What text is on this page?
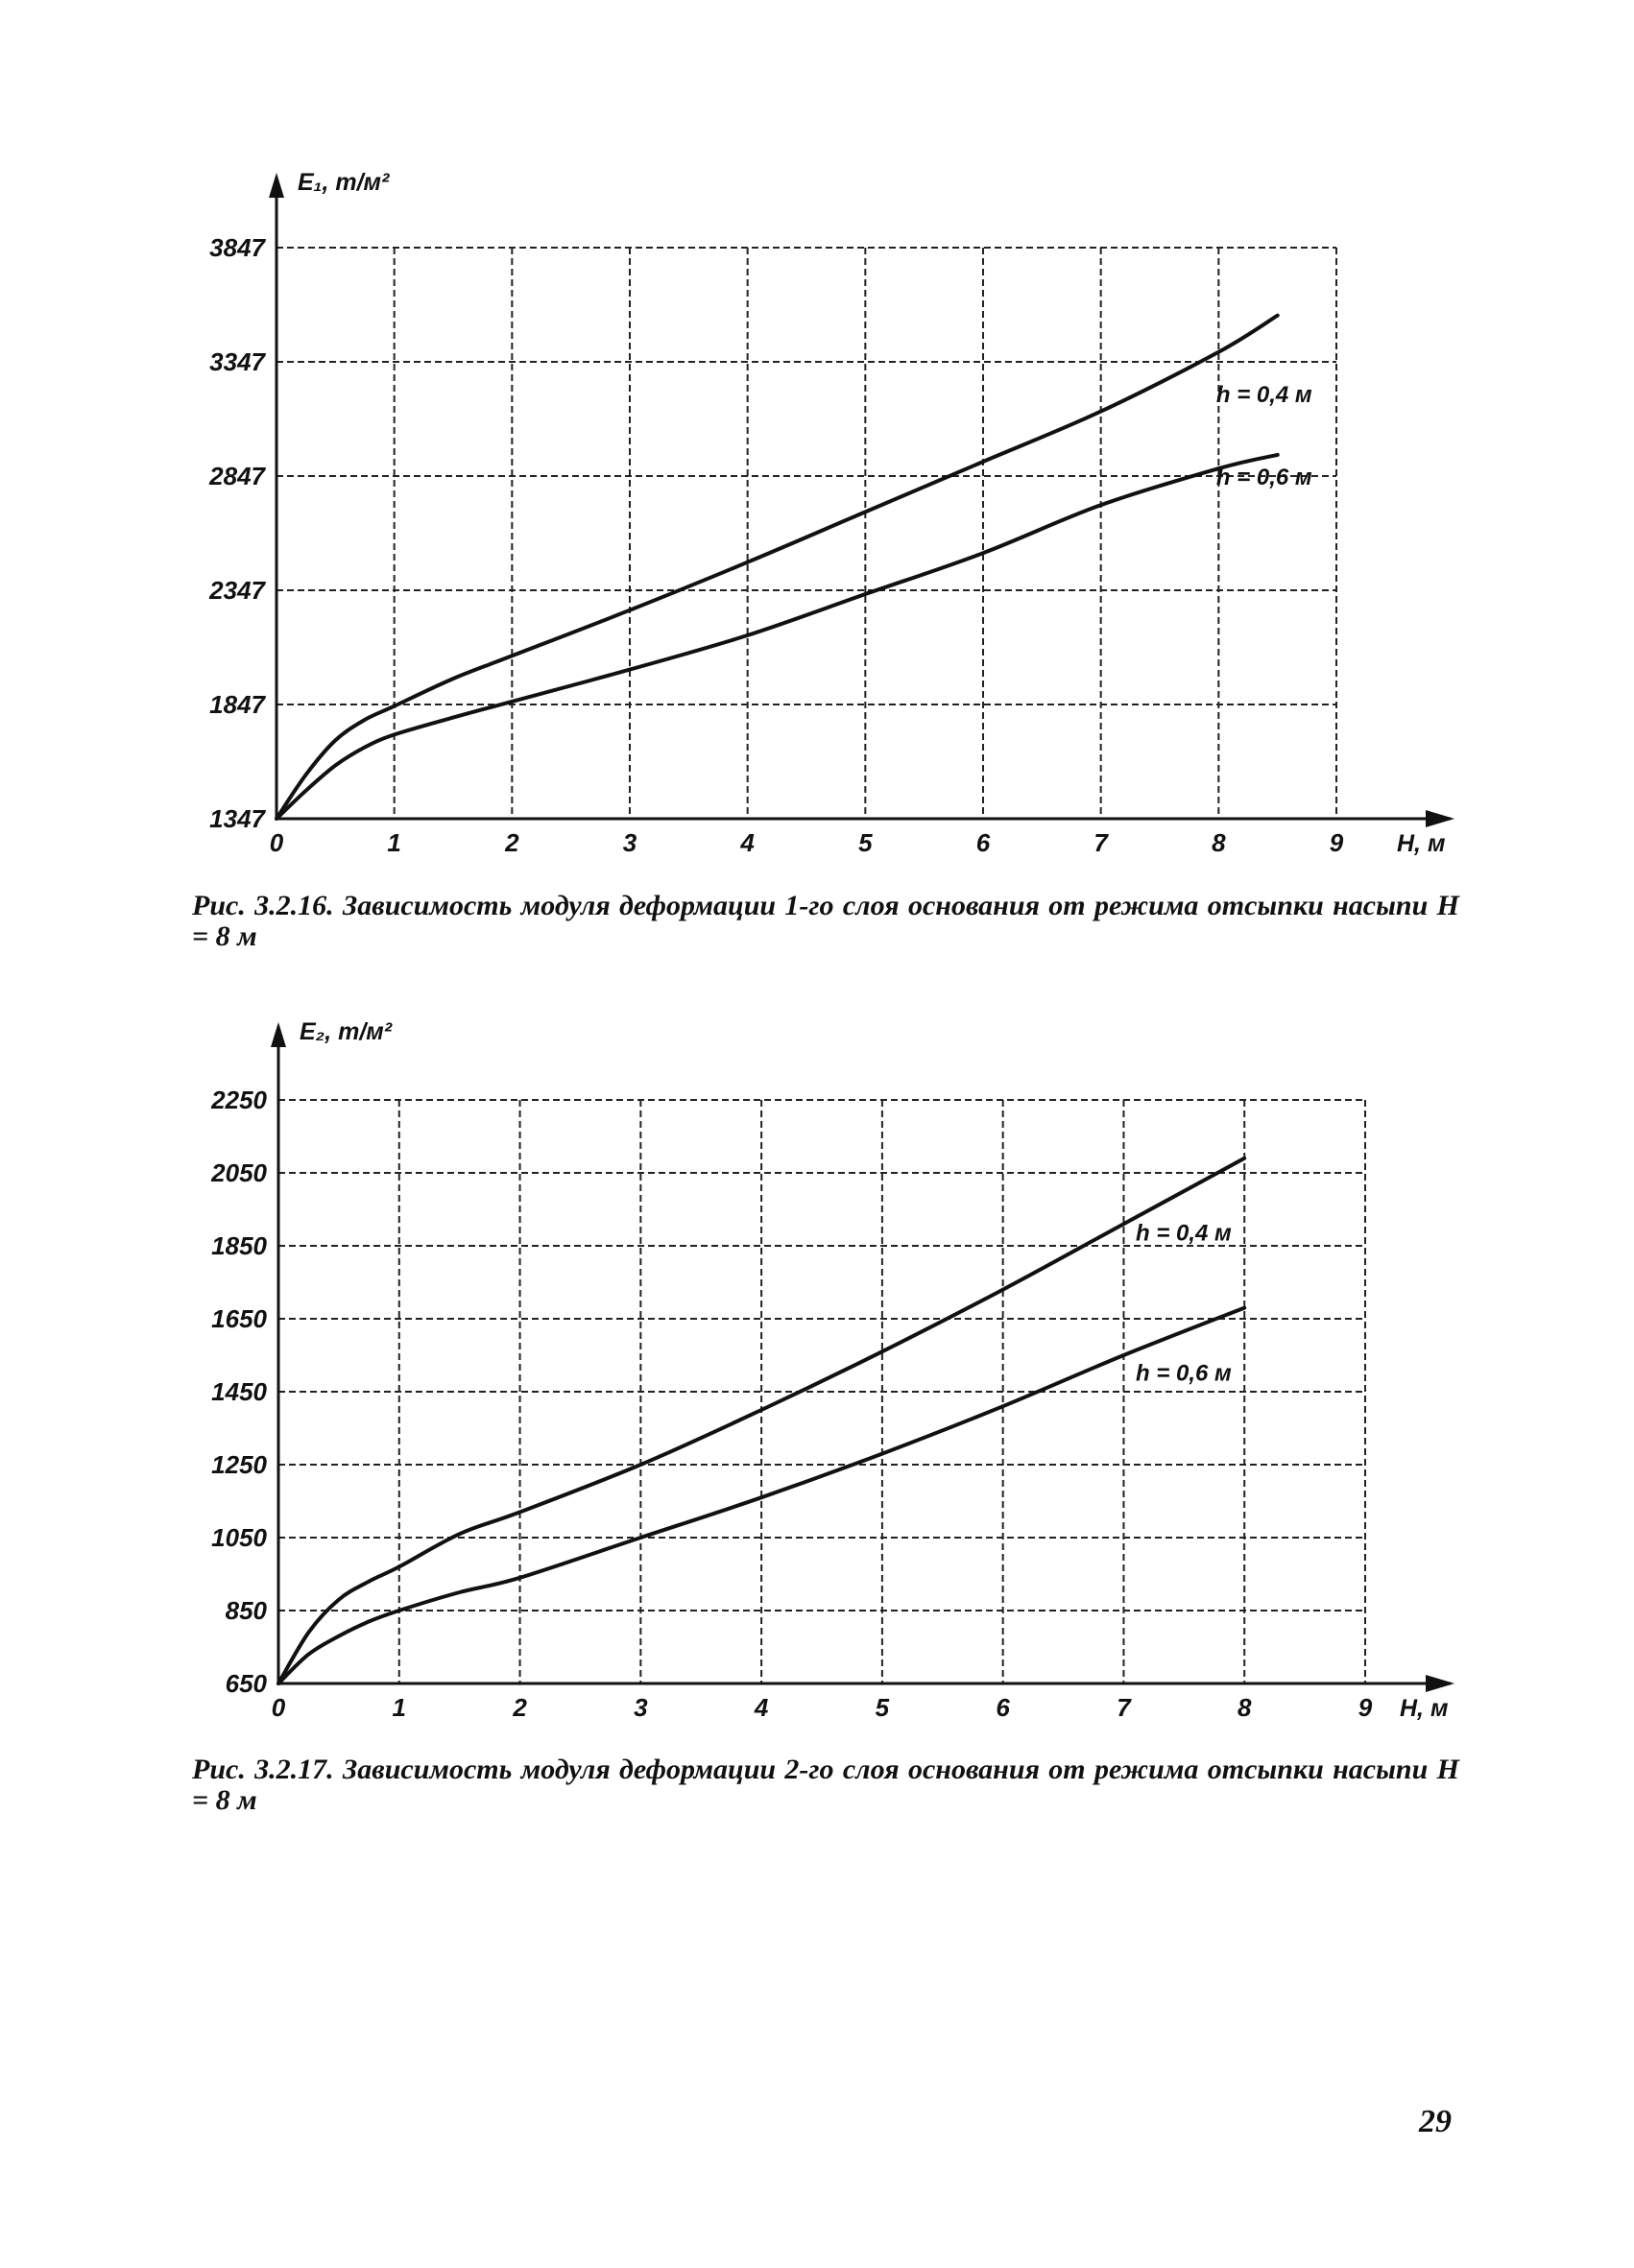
1347
1847
2347
2847
3347
3847
0	1	2	3	4	5	6	7	8	9
E₁, т/м²
H, м
h = 0,4 м
h = 0,6 м
Рис. 3.2.16. Зависимость модуля деформации 1-го слоя основания от режима отсыпки насыпи H = 8 м
650
850
1050
1250
1450
1650
1850
2050
2250
0	1	2	3	4	5	6	7	8	9
E₂, т/м²
H, м
h = 0,4 м
h = 0,6 м
Рис. 3.2.17. Зависимость модуля деформации 2-го слоя основания от режима отсыпки насыпи H = 8 м
29
